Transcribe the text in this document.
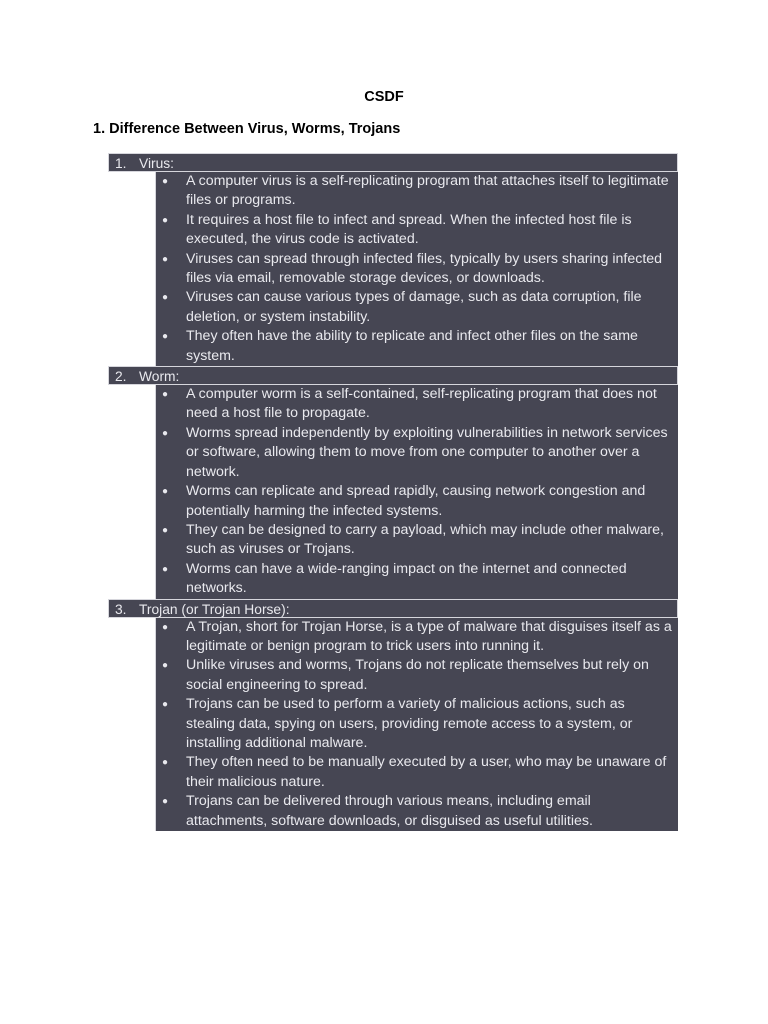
CSDF
1. Difference Between Virus, Worms, Trojans
1. Virus:
● A computer virus is a self-replicating program that attaches itself to legitimate files or programs.
● It requires a host file to infect and spread. When the infected host file is executed, the virus code is activated.
● Viruses can spread through infected files, typically by users sharing infected files via email, removable storage devices, or downloads.
● Viruses can cause various types of damage, such as data corruption, file deletion, or system instability.
● They often have the ability to replicate and infect other files on the same system.
2. Worm:
● A computer worm is a self-contained, self-replicating program that does not need a host file to propagate.
● Worms spread independently by exploiting vulnerabilities in network services or software, allowing them to move from one computer to another over a network.
● Worms can replicate and spread rapidly, causing network congestion and potentially harming the infected systems.
● They can be designed to carry a payload, which may include other malware, such as viruses or Trojans.
● Worms can have a wide-ranging impact on the internet and connected networks.
3. Trojan (or Trojan Horse):
● A Trojan, short for Trojan Horse, is a type of malware that disguises itself as a legitimate or benign program to trick users into running it.
● Unlike viruses and worms, Trojans do not replicate themselves but rely on social engineering to spread.
● Trojans can be used to perform a variety of malicious actions, such as stealing data, spying on users, providing remote access to a system, or installing additional malware.
● They often need to be manually executed by a user, who may be unaware of their malicious nature.
● Trojans can be delivered through various means, including email attachments, software downloads, or disguised as useful utilities.
